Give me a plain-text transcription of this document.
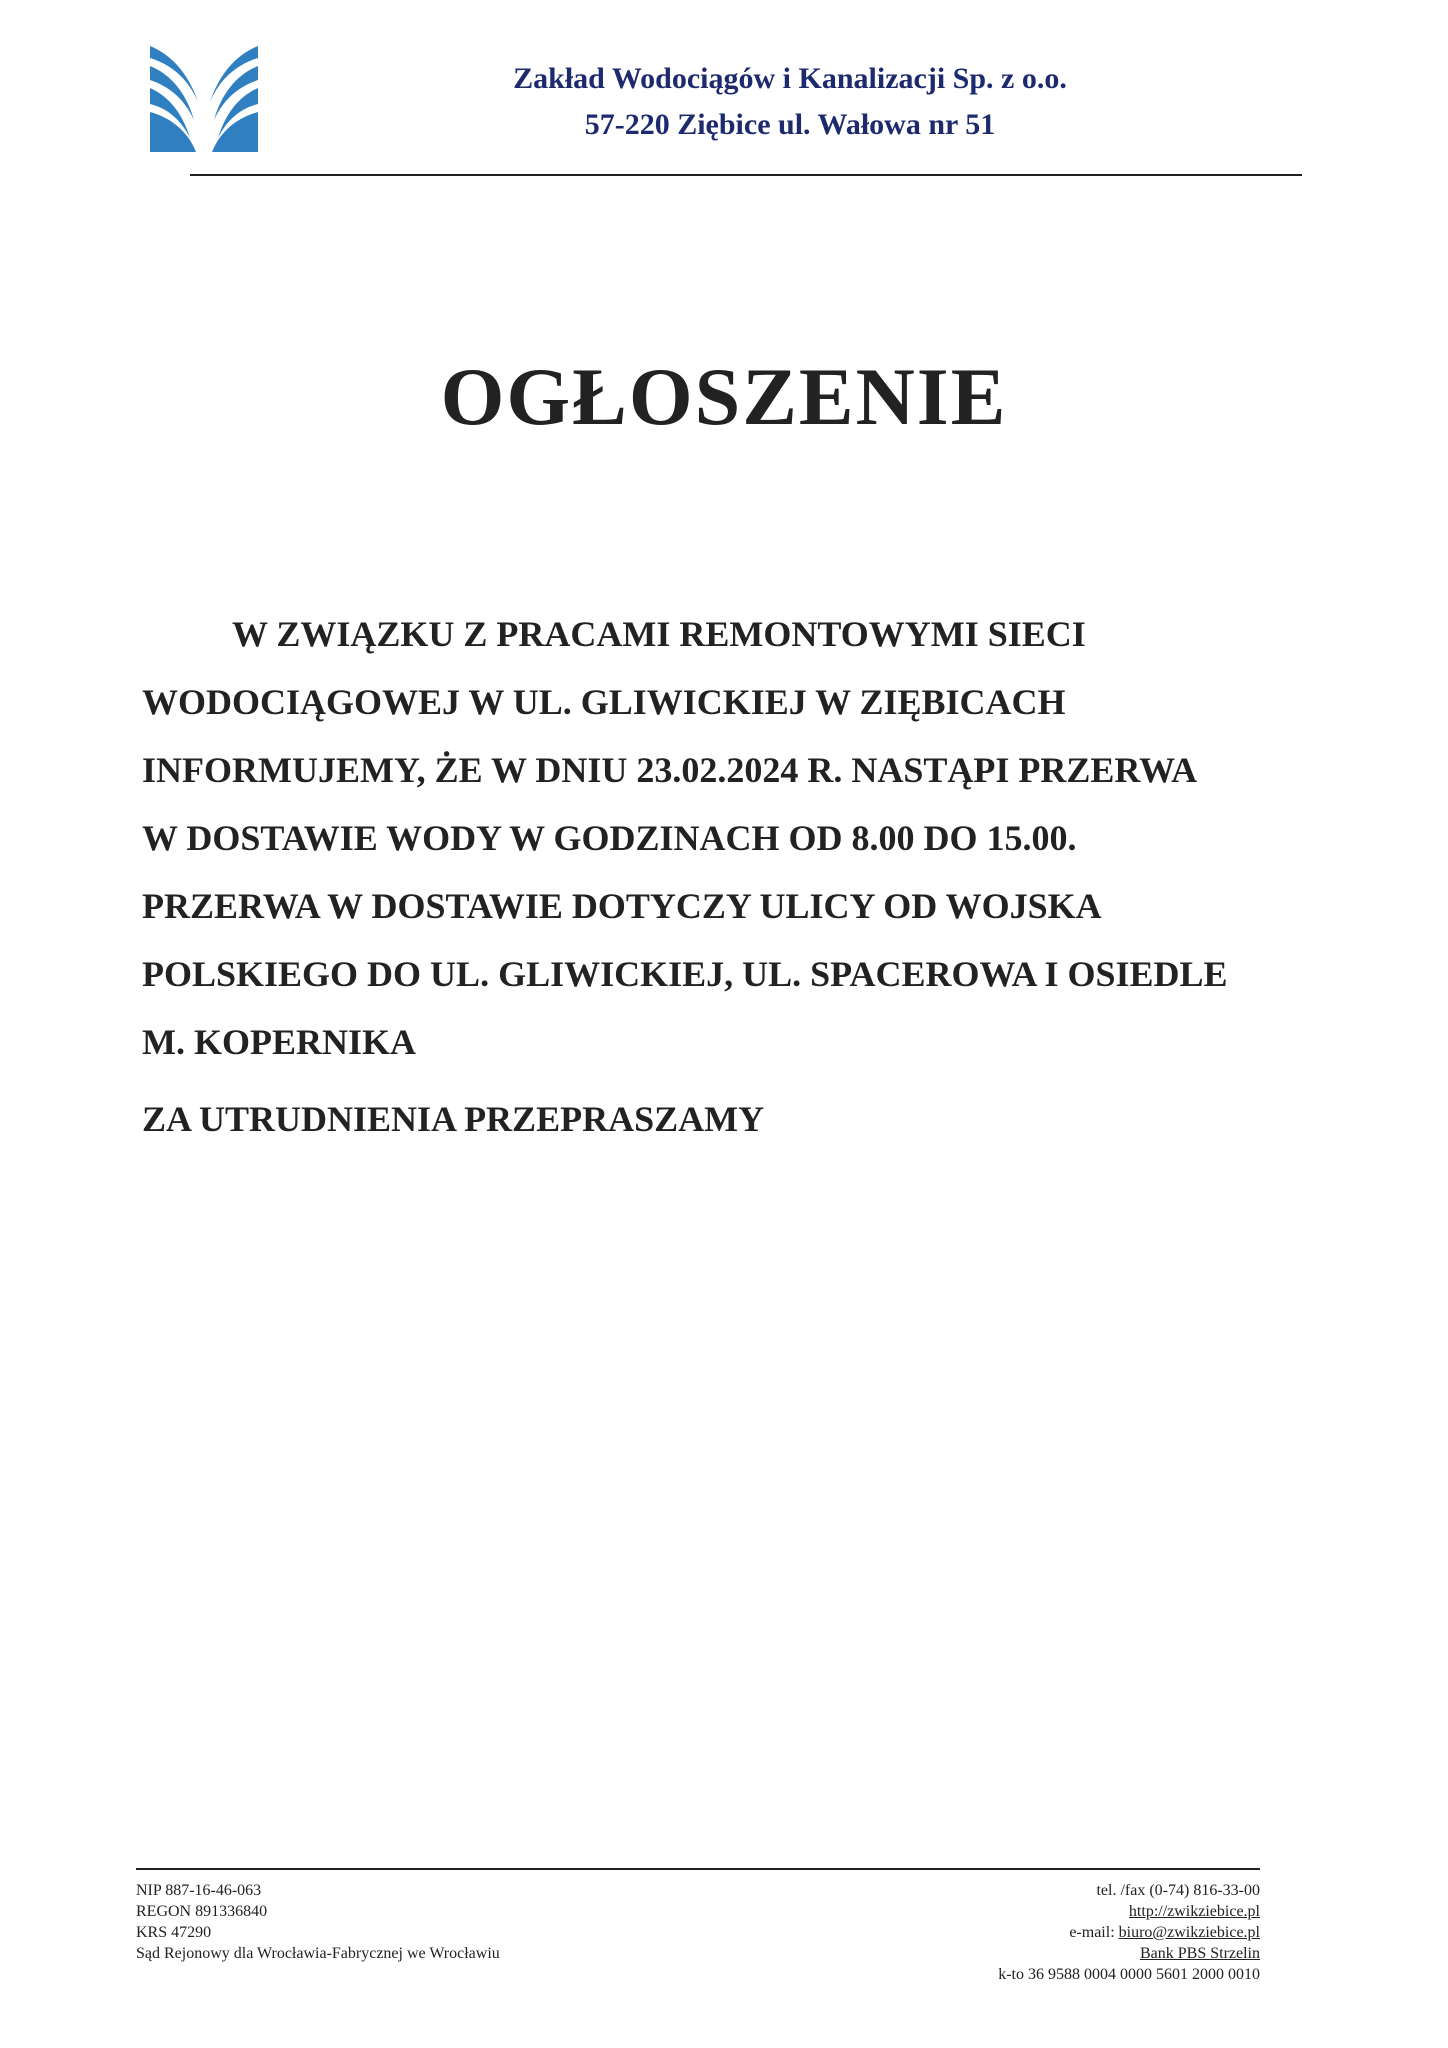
Zakład Wodociągów i Kanalizacji Sp. z o.o.
57-220 Ziębice ul. Wałowa nr 51
OGŁOSZENIE
W ZWIĄZKU Z PRACAMI REMONTOWYMI SIECI
WODOCIĄGOWEJ W UL. GLIWICKIEJ W ZIĘBICACH
INFORMUJEMY, ŻE W DNIU 23.02.2024 R. NASTĄPI PRZERWA
W DOSTAWIE WODY W GODZINACH OD 8.00 DO 15.00.
PRZERWA W DOSTAWIE DOTYCZY ULICY OD WOJSKA
POLSKIEGO DO UL. GLIWICKIEJ, UL. SPACEROWA I OSIEDLE
M. KOPERNIKA
ZA UTRUDNIENIA PRZEPRASZAMY
NIP 887-16-46-063
REGON 891336840
KRS 47290
Sąd Rejonowy dla Wrocławia-Fabrycznej we Wrocławiu
tel. /fax (0-74) 816-33-00
http://zwikziebice.pl
e-mail: biuro@zwikziebice.pl
Bank PBS Strzelin
k-to 36 9588 0004 0000 5601 2000 0010
